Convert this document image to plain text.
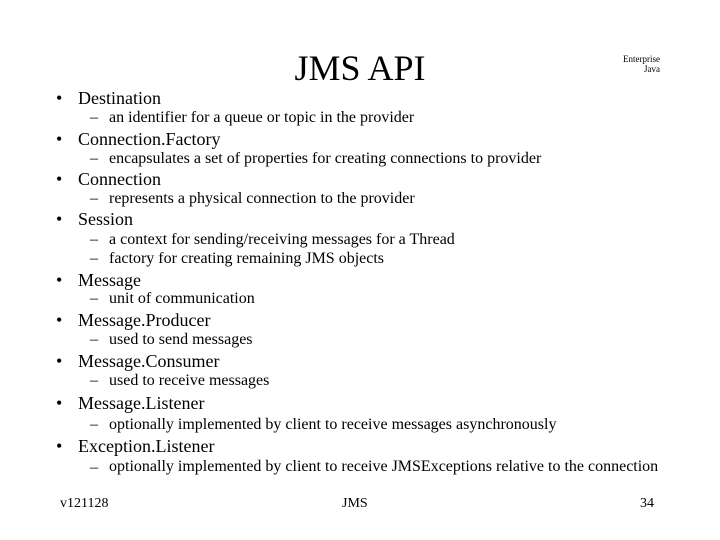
JMS API	Enterprise
Java
• Destination
– an identifier for a queue or topic in the provider
• Connection.Factory
– encapsulates a set of properties for creating connections to provider
• Connection
– represents a physical connection to the provider
• Session
– a context for sending/receiving messages for a Thread
– factory for creating remaining JMS objects
• Message
– unit of communication
• Message.Producer
– used to send messages
• Message.Consumer
– used to receive messages
• Message.Listener
– optionally implemented by client to receive messages asynchronously
• Exception.Listener
– optionally implemented by client to receive JMSExceptions relative to the connection
v121128	JMS	34
